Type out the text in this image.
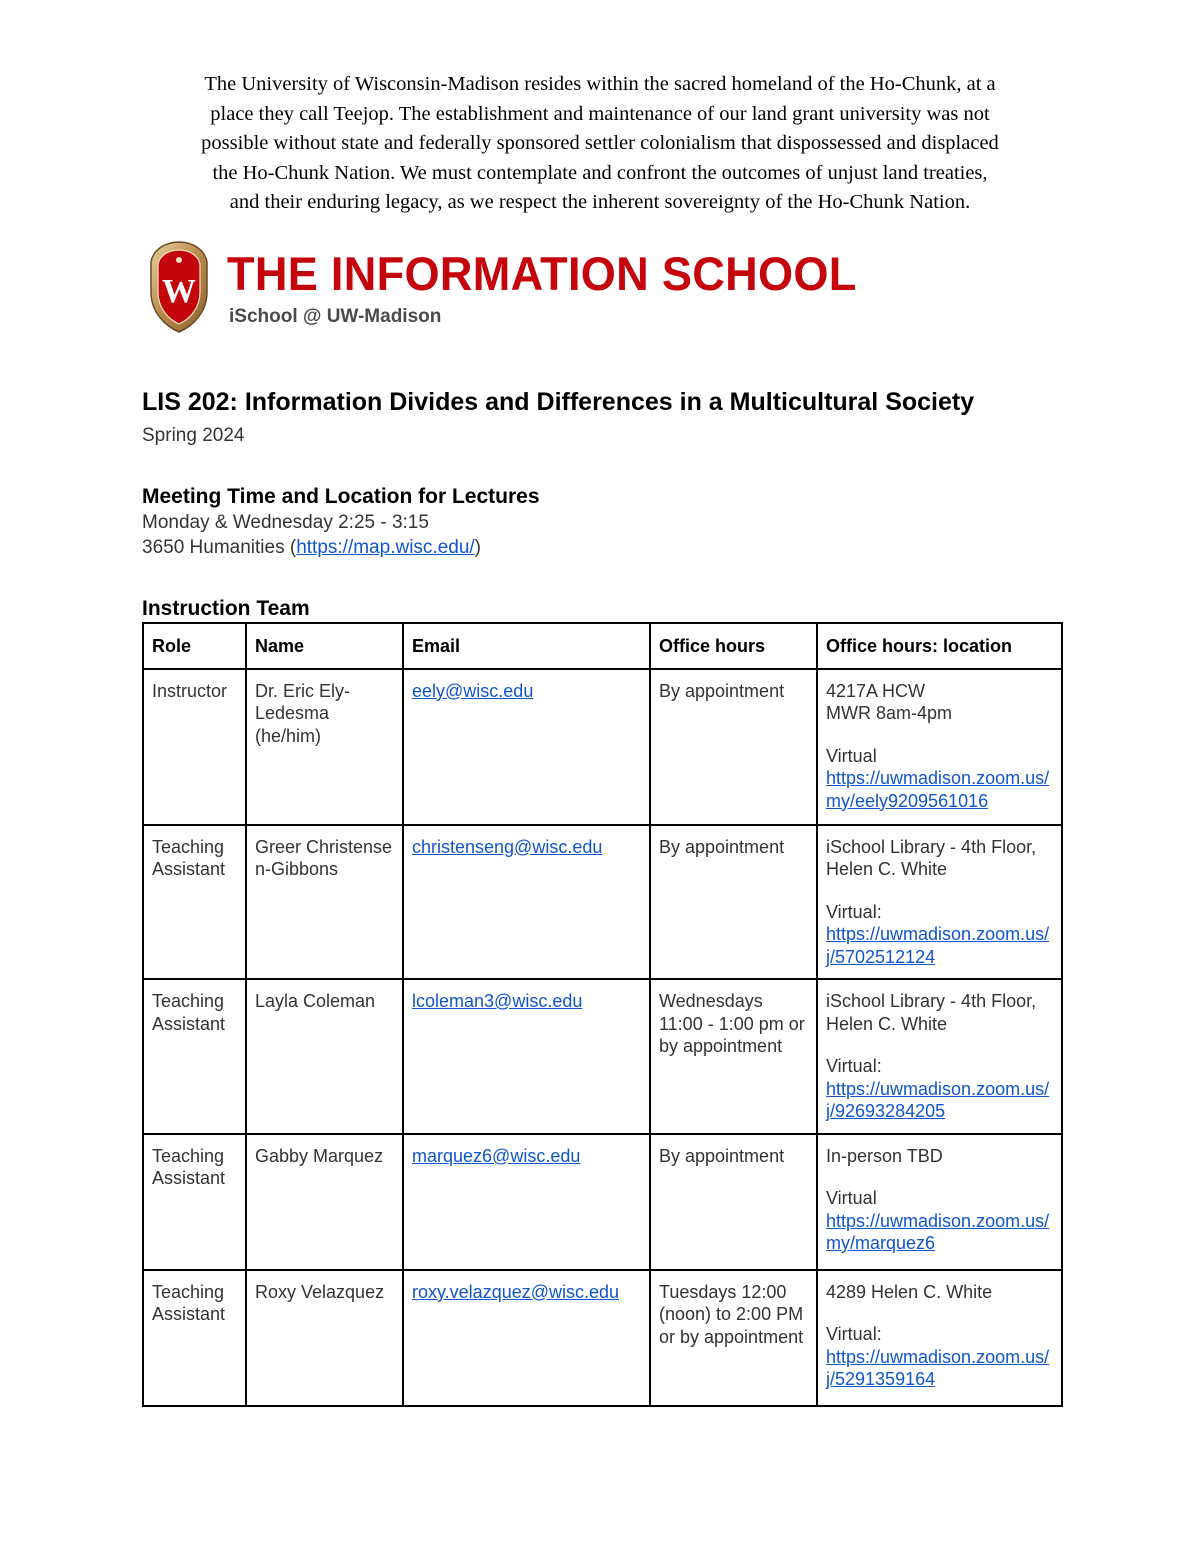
The University of Wisconsin-Madison resides within the sacred homeland of the Ho-Chunk, at a
place they call Teejop. The establishment and maintenance of our land grant university was not
possible without state and federally sponsored settler colonialism that dispossessed and displaced
the Ho-Chunk Nation. We must contemplate and confront the outcomes of unjust land treaties,
and their enduring legacy, as we respect the inherent sovereignty of the Ho-Chunk Nation.
W THE INFORMATION SCHOOL
iSchool @ UW-Madison
LIS 202: Information Divides and Differences in a Multicultural Society
Spring 2024
Meeting Time and Location for Lectures
Monday & Wednesday 2:25 - 3:15
3650 Humanities (https://map.wisc.edu/)
Instruction Team
Role	Name	Email	Office hours	Office hours: location
Instructor	Dr. Eric Ely-Ledesma (he/him)	eely@wisc.edu	By appointment	4217A HCW
MWR 8am-4pm
Virtual
https://uwmadison.zoom.us/my/eely9209561016
Teaching Assistant	Greer Christensen-Gibbons	christenseng@wisc.edu	By appointment	iSchool Library - 4th Floor, Helen C. White
Virtual:
https://uwmadison.zoom.us/j/5702512124
Teaching Assistant	Layla Coleman	lcoleman3@wisc.edu	Wednesdays 11:00 - 1:00 pm or by appointment	iSchool Library - 4th Floor, Helen C. White
Virtual:
https://uwmadison.zoom.us/j/92693284205
Teaching Assistant	Gabby Marquez	marquez6@wisc.edu	By appointment	In-person TBD
Virtual
https://uwmadison.zoom.us/my/marquez6
Teaching Assistant	Roxy Velazquez	roxy.velazquez@wisc.edu	Tuesdays 12:00 (noon) to 2:00 PM or by appointment	4289 Helen C. White
Virtual:
https://uwmadison.zoom.us/j/5291359164
